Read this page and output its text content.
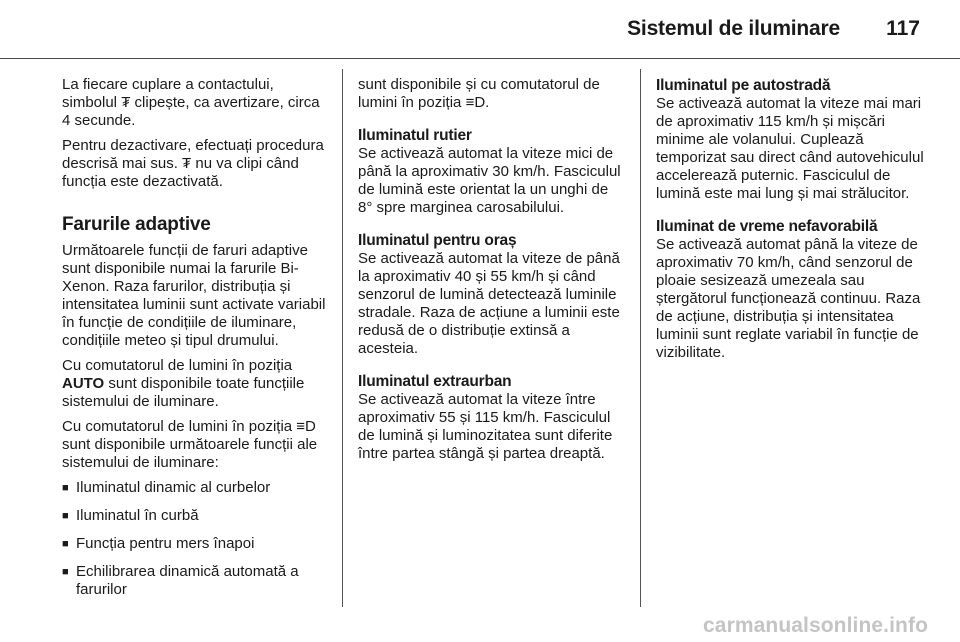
Sistemul de iluminare 117

La fiecare cuplare a contactului, simbolul ₮ clipește, ca avertizare, circa 4 secunde.

Pentru dezactivare, efectuați procedura descrisă mai sus. ₮ nu va clipi când funcția este dezactivată.

Farurile adaptive

Următoarele funcții de faruri adaptive sunt disponibile numai la farurile Bi-Xenon. Raza farurilor, distribuția și intensitatea luminii sunt activate variabil în funcție de condițiile de iluminare, condițiile meteo și tipul drumului.

Cu comutatorul de lumini în poziția AUTO sunt disponibile toate funcțiile sistemului de iluminare.

Cu comutatorul de lumini în poziția ≡D sunt disponibile următoarele funcții ale sistemului de iluminare:

■ Iluminatul dinamic al curbelor
■ Iluminatul în curbă
■ Funcția pentru mers înapoi
■ Echilibrarea dinamică automată a farurilor

sunt disponibile și cu comutatorul de lumini în poziția ≡D.

Iluminatul rutier

Se activează automat la viteze mici de până la aproximativ 30 km/h. Fasciculul de lumină este orientat la un unghi de 8° spre marginea carosabilului.

Iluminatul pentru oraș

Se activează automat la viteze de până la aproximativ 40 și 55 km/h și când senzorul de lumină detectează luminile stradale. Raza de acțiune a luminii este redusă de o distribuție extinsă a acesteia.

Iluminatul extraurban

Se activează automat la viteze între aproximativ 55 și 115 km/h. Fasciculul de lumină și luminozitatea sunt diferite între partea stângă și partea dreaptă.

Iluminatul pe autostradă

Se activează automat la viteze mai mari de aproximativ 115 km/h și mișcări minime ale volanului. Cuplează temporizat sau direct când autovehiculul accelerează puternic. Fasciculul de lumină este mai lung și mai strălucitor.

Iluminat de vreme nefavorabilă

Se activează automat până la viteze de aproximativ 70 km/h, când senzorul de ploaie sesizează umezeala sau ștergătorul funcționează continuu. Raza de acțiune, distribuția și intensitatea luminii sunt reglate variabil în funcție de vizibilitate.

carmanualsonline.info
